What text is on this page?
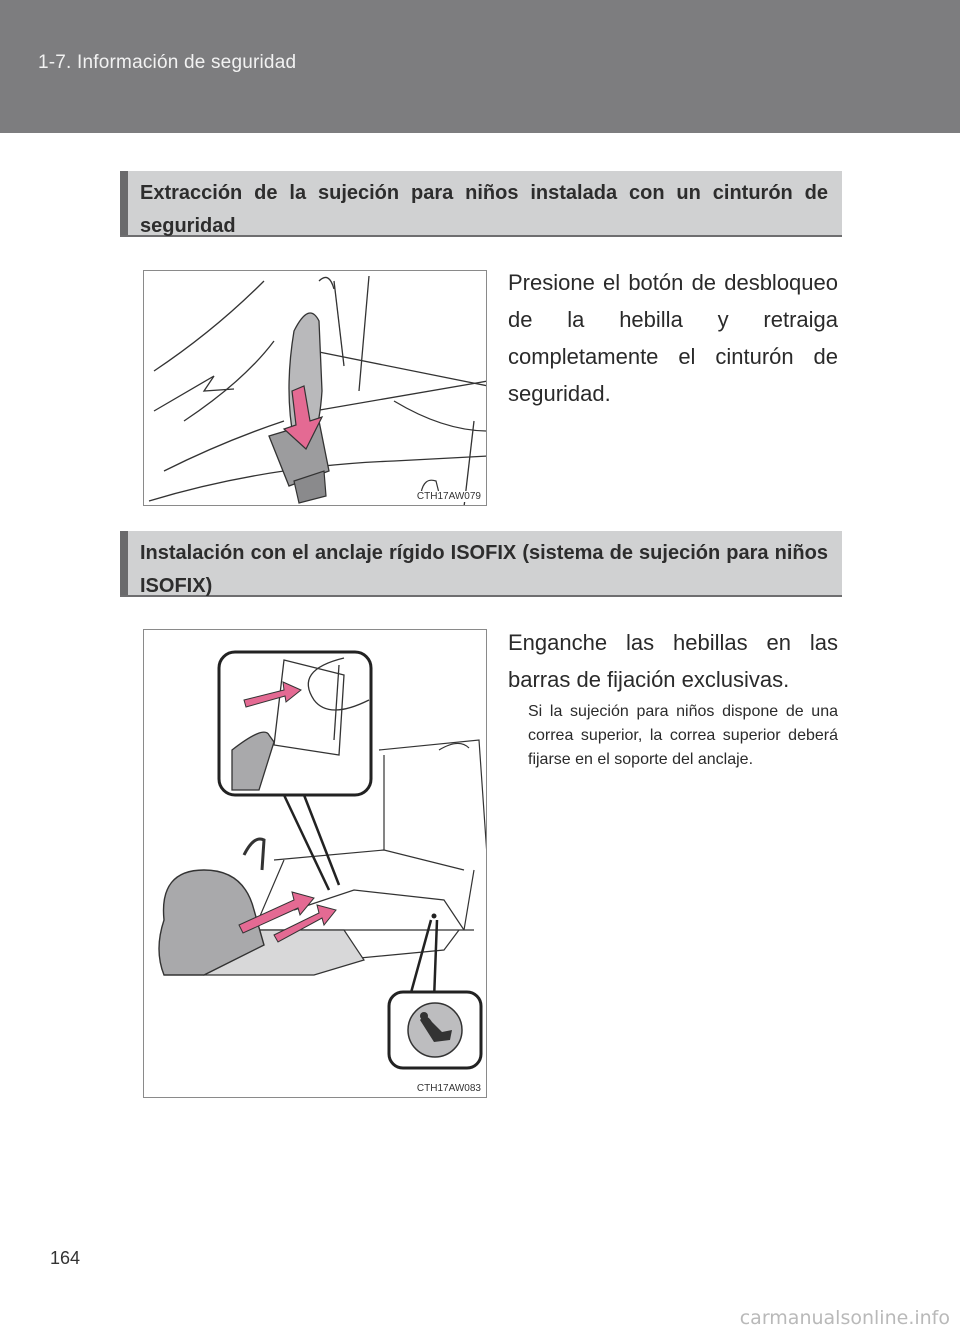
1-7. Información de seguridad
Extracción de la sujeción para niños instalada con un cinturón de seguridad
CTH17AW079
Presione el botón de desbloqueo de la hebilla y retraiga completamente el cinturón de seguridad.
Instalación con el anclaje rígido ISOFIX (sistema de sujeción para niños ISOFIX)
CTH17AW083
Enganche las hebillas en las barras de fijación exclusivas.
Si la sujeción para niños dispone de una correa superior, la correa superior deberá fijarse en el soporte del anclaje.
164
carmanualsonline.info
